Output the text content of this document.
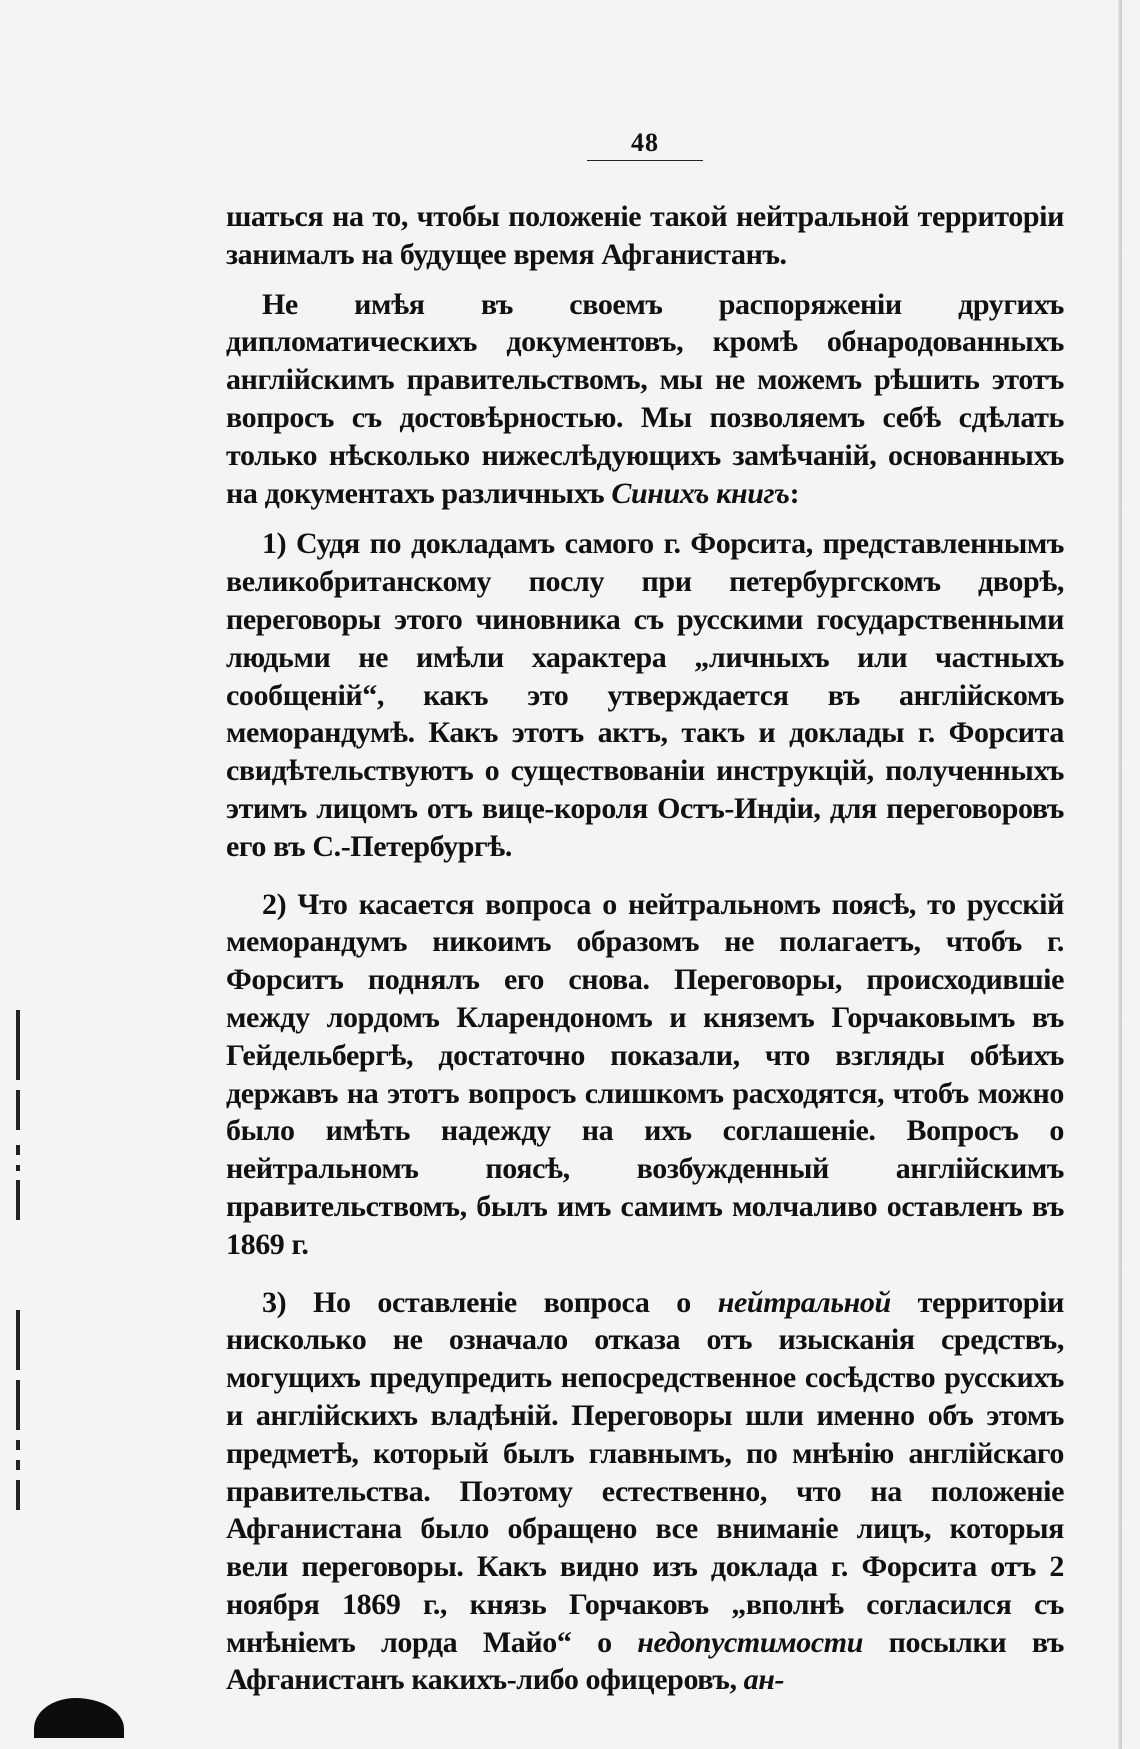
48

шаться на то, чтобы положеніе такой нейтральной территоріи занималъ на будущее время Афганистанъ.

Не имѣя въ своемъ распоряженіи другихъ дипломатическихъ документовъ, кромѣ обнародованныхъ англійскимъ правительствомъ, мы не можемъ рѣшить этотъ вопросъ съ достовѣрностью. Мы позволяемъ себѣ сдѣлать только нѣсколько нижеслѣдующихъ замѣчаній, основанныхъ на документахъ различныхъ Синихъ книгъ:

1) Судя по докладамъ самого г. Форсита, представленнымъ великобританскому послу при петербургскомъ дворѣ, переговоры этого чиновника съ русскими государственными людьми не имѣли характера „личныхъ или частныхъ сообщеній“, какъ это утверждается въ англійскомъ меморандумѣ. Какъ этотъ актъ, такъ и доклады г. Форсита свидѣтельствуютъ о существованіи инструкцій, полученныхъ этимъ лицомъ отъ вице-короля Остъ-Индіи, для переговоровъ его въ С.-Петербургѣ.

2) Что касается вопроса о нейтральномъ поясѣ, то русскій меморандумъ никоимъ образомъ не полагаетъ, чтобъ г. Форситъ поднялъ его снова. Переговоры, происходившіе между лордомъ Кларендономъ и княземъ Горчаковымъ въ Гейдельбергѣ, достаточно показали, что взгляды обѣихъ державъ на этотъ вопросъ слишкомъ расходятся, чтобъ можно было имѣть надежду на ихъ соглашеніе. Вопросъ о нейтральномъ поясѣ, возбужденный англійскимъ правительствомъ, былъ имъ самимъ молчаливо оставленъ въ 1869 г.

3) Но оставленіе вопроса о нейтральной территоріи нисколько не означало отказа отъ изысканія средствъ, могущихъ предупредить непосредственное сосѣдство русскихъ и англійскихъ владѣній. Переговоры шли именно объ этомъ предметѣ, который былъ главнымъ, по мнѣнію англійскаго правительства. Поэтому естественно, что на положеніе Афганистана было обращено все вниманіе лицъ, которыя вели переговоры. Какъ видно изъ доклада г. Форсита отъ 2 ноября 1869 г., князь Горчаковъ „вполнѣ согласился съ мнѣніемъ лорда Майо“ о недопустимости посылки въ Афганистанъ какихъ-либо офицеровъ, ан-
